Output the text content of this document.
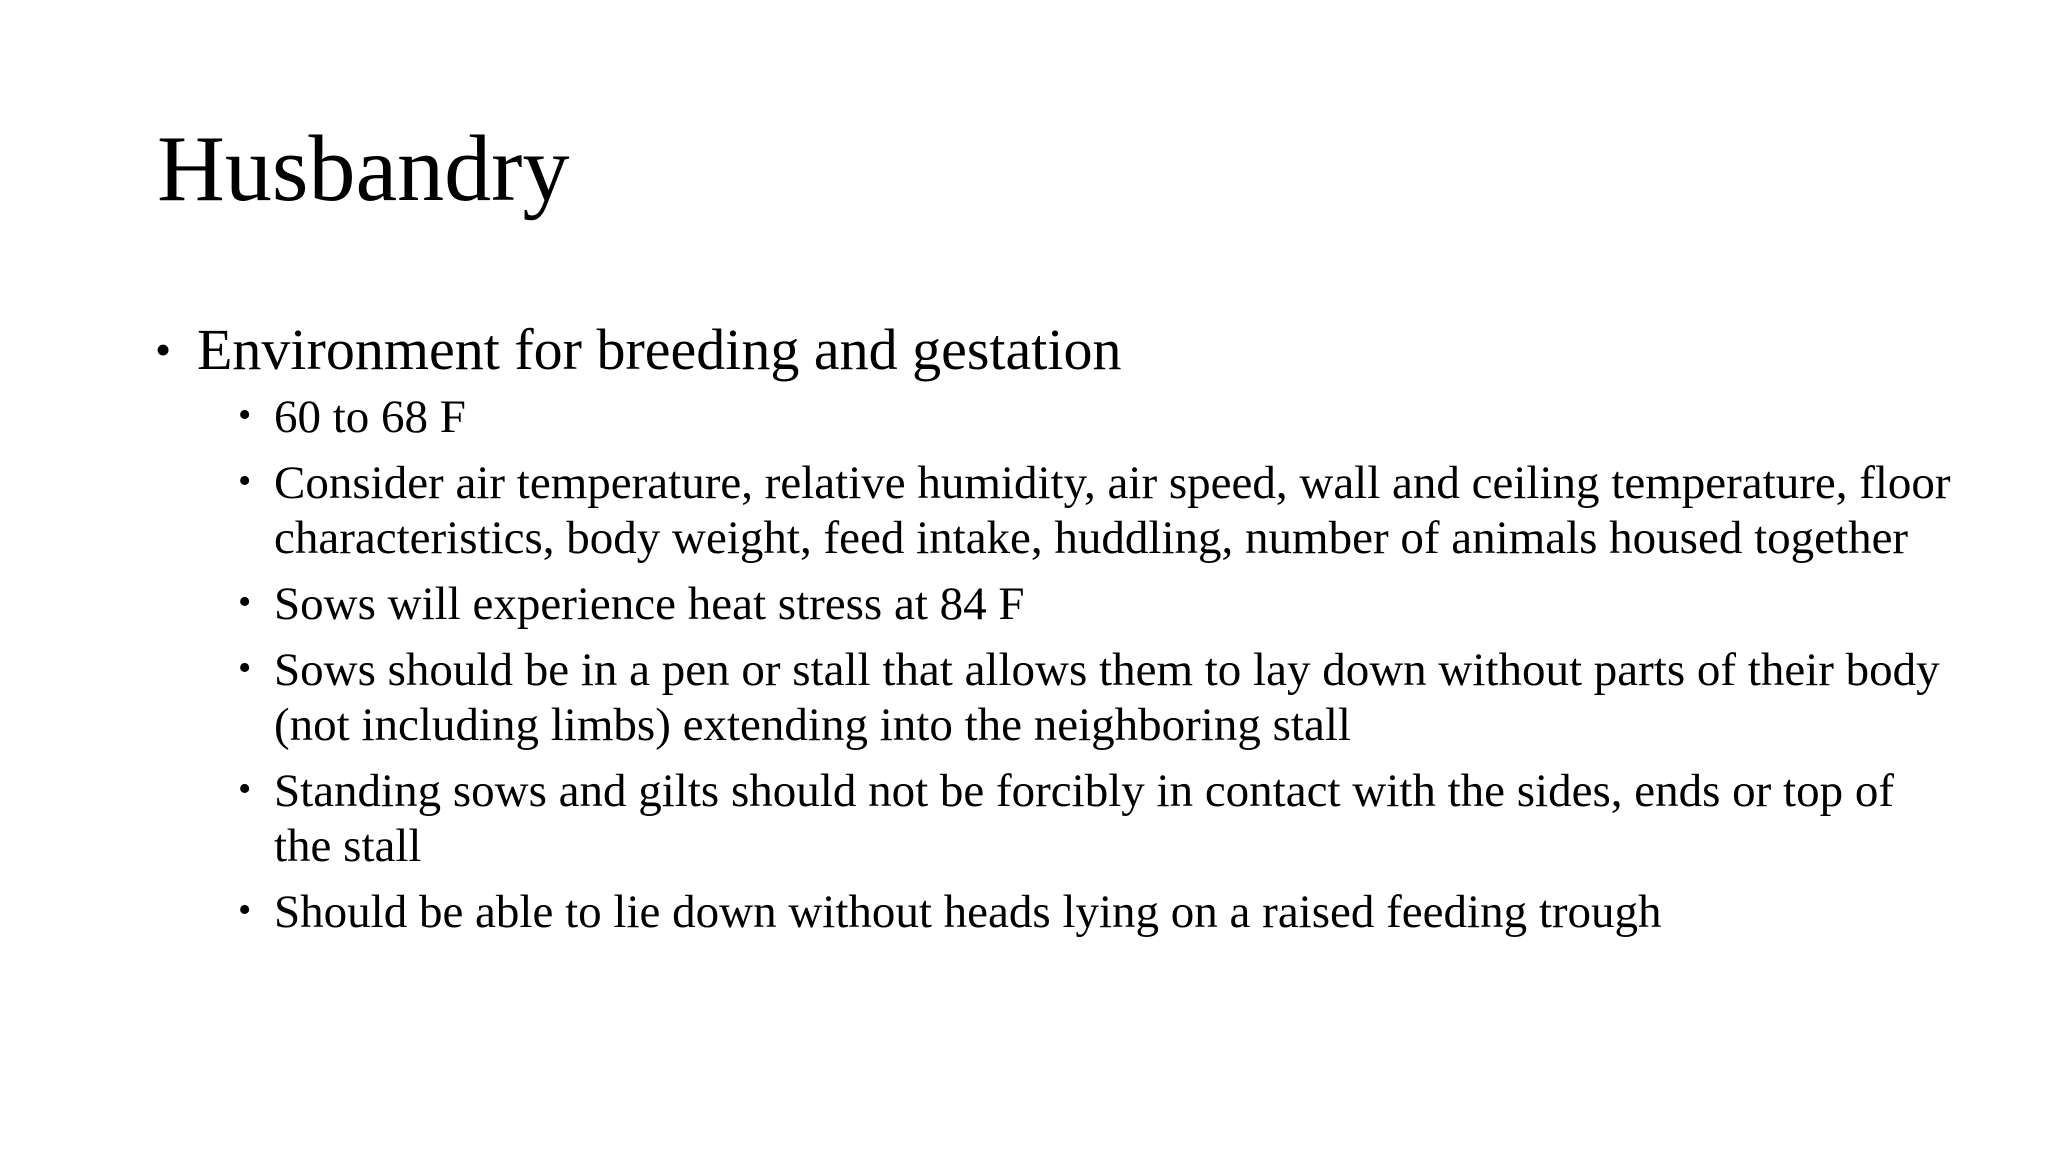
Husbandry
• Environment for breeding and gestation
• 60 to 68 F
• Consider air temperature, relative humidity, air speed, wall and ceiling temperature, floor characteristics, body weight, feed intake, huddling, number of animals housed together
• Sows will experience heat stress at 84 F
• Sows should be in a pen or stall that allows them to lay down without parts of their body (not including limbs) extending into the neighboring stall
• Standing sows and gilts should not be forcibly in contact with the sides, ends or top of the stall
• Should be able to lie down without heads lying on a raised feeding trough
